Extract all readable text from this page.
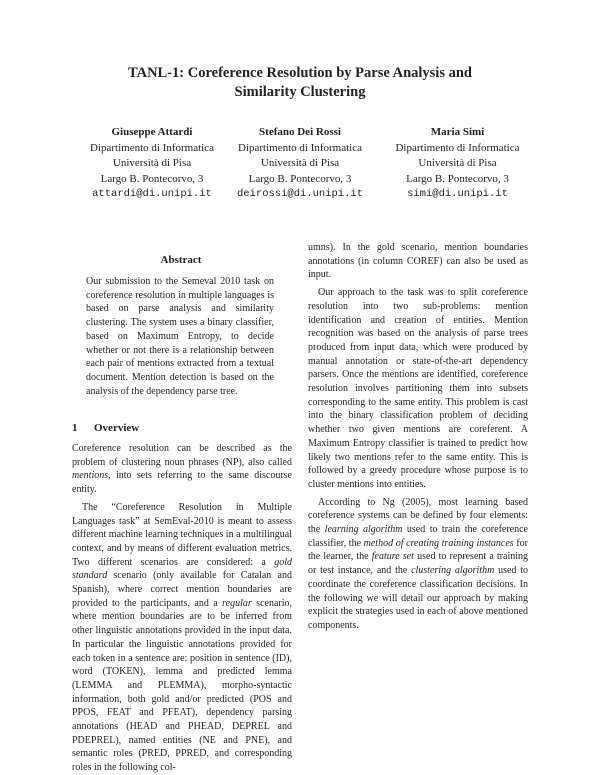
TANL-1: Coreference Resolution by Parse Analysis and
Similarity Clustering
Giuseppe Attardi
Dipartimento di Informatica
Università di Pisa
Largo B. Pontecorvo, 3
attardi@di.unipi.it
Stefano Dei Rossi
Dipartimento di Informatica
Università di Pisa
Largo B. Pontecorvo, 3
deirossi@di.unipi.it
Maria Simi
Dipartimento di Informatica
Università di Pisa
Largo B. Pontecorvo, 3
simi@di.unipi.it
Abstract
Our submission to the Semeval 2010 task on coreference resolution in multiple languages is based on parse analysis and similarity clustering. The system uses a binary classifier, based on Maximum Entropy, to decide whether or not there is a relationship between each pair of mentions extracted from a textual document. Mention detection is based on the analysis of the dependency parse tree.
1 Overview

Coreference resolution can be described as the problem of clustering noun phrases (NP), also called mentions, into sets referring to the same discourse entity.

The “Coreference Resolution in Multiple Languages task” at SemEval-2010 is meant to assess different machine learning techniques in a multilingual context, and by means of different evaluation metrics. Two different scenarios are considered: a gold standard scenario (only available for Catalan and Spanish), where correct mention boundaries are provided to the participants, and a regular scenario, where mention boundaries are to be inferred from other linguistic annotations provided in the input data. In particular the linguistic annotations provided for each token in a sentence are: position in sentence (ID), word (TOKEN), lemma and predicted lemma (LEMMA and PLEMMA), morpho-syntactic information, both gold and/or predicted (POS and PPOS, FEAT and PFEAT), dependency parsing annotations (HEAD and PHEAD, DEPREL and PDEPREL), named entities (NE and PNE), and semantic roles (PRED, PPRED, and corresponding roles in the following col-

umns). In the gold scenario, mention boundaries annotations (in column COREF) can also be used as input.

Our approach to the task was to split coreference resolution into two sub-problems: mention identification and creation of entities. Mention recognition was based on the analysis of parse trees produced from input data, which were produced by manual annotation or state-of-the-art dependency parsers. Once the mentions are identified, coreference resolution involves partitioning them into subsets corresponding to the same entity. This problem is cast into the binary classification problem of deciding whether two given mentions are coreferent. A Maximum Entropy classifier is trained to predict how likely two mentions refer to the same entity. This is followed by a greedy procedure whose purpose is to cluster mentions into entities.

According to Ng (2005), most learning based coreference systems can be defined by four elements: the learning algorithm used to train the coreference classifier, the method of creating training instances for the learner, the feature set used to represent a training or test instance, and the clustering algorithm used to coordinate the coreference classification decisions. In the following we will detail our approach by making explicit the strategies used in each of above mentioned components.
